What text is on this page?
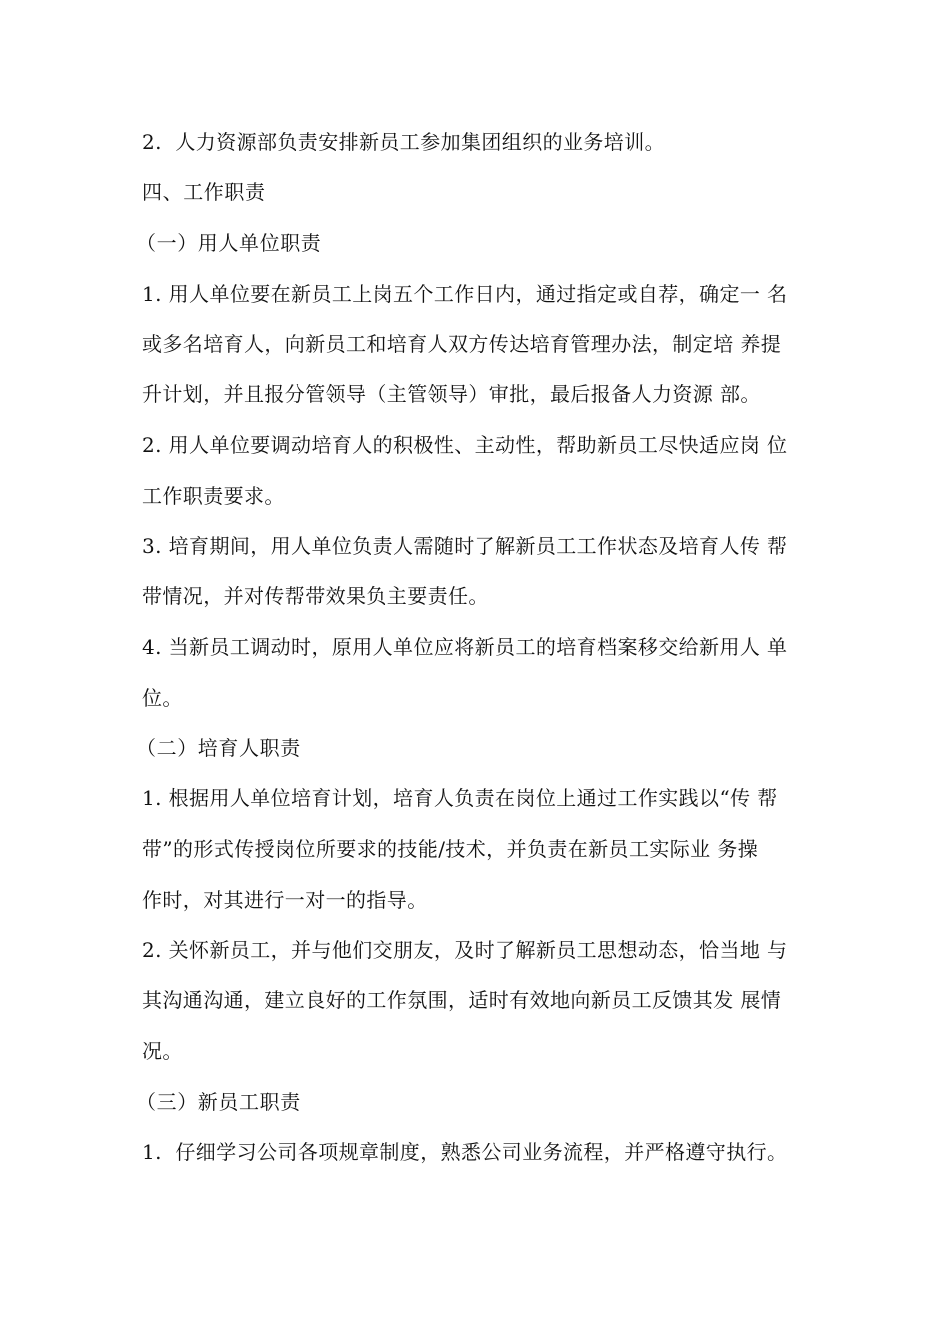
2.  人力资源部负责安排新员工参加集团组织的业务培训。
四、工作职责
（一）用人单位职责
1. 用人单位要在新员工上岗五个工作日内，通过指定或自荐，确定一 名
或多名培育人，向新员工和培育人双方传达培育管理办法，制定培 养提
升计划，并且报分管领导（主管领导）审批，最后报备人力资源 部。
2. 用人单位要调动培育人的积极性、主动性，帮助新员工尽快适应岗 位
工作职责要求。
3. 培育期间，用人单位负责人需随时了解新员工工作状态及培育人传 帮
带情况，并对传帮带效果负主要责任。
4. 当新员工调动时，原用人单位应将新员工的培育档案移交给新用人 单
位。
（二）培育人职责
1. 根据用人单位培育计划，培育人负责在岗位上通过工作实践以“传 帮
带”的形式传授岗位所要求的技能/技术，并负责在新员工实际业 务操
作时，对其进行一对一的指导。
2. 关怀新员工，并与他们交朋友，及时了解新员工思想动态，恰当地 与
其沟通沟通，建立良好的工作氛围，适时有效地向新员工反馈其发 展情
况。
（三）新员工职责
1.  仔细学习公司各项规章制度，熟悉公司业务流程，并严格遵守执行。
